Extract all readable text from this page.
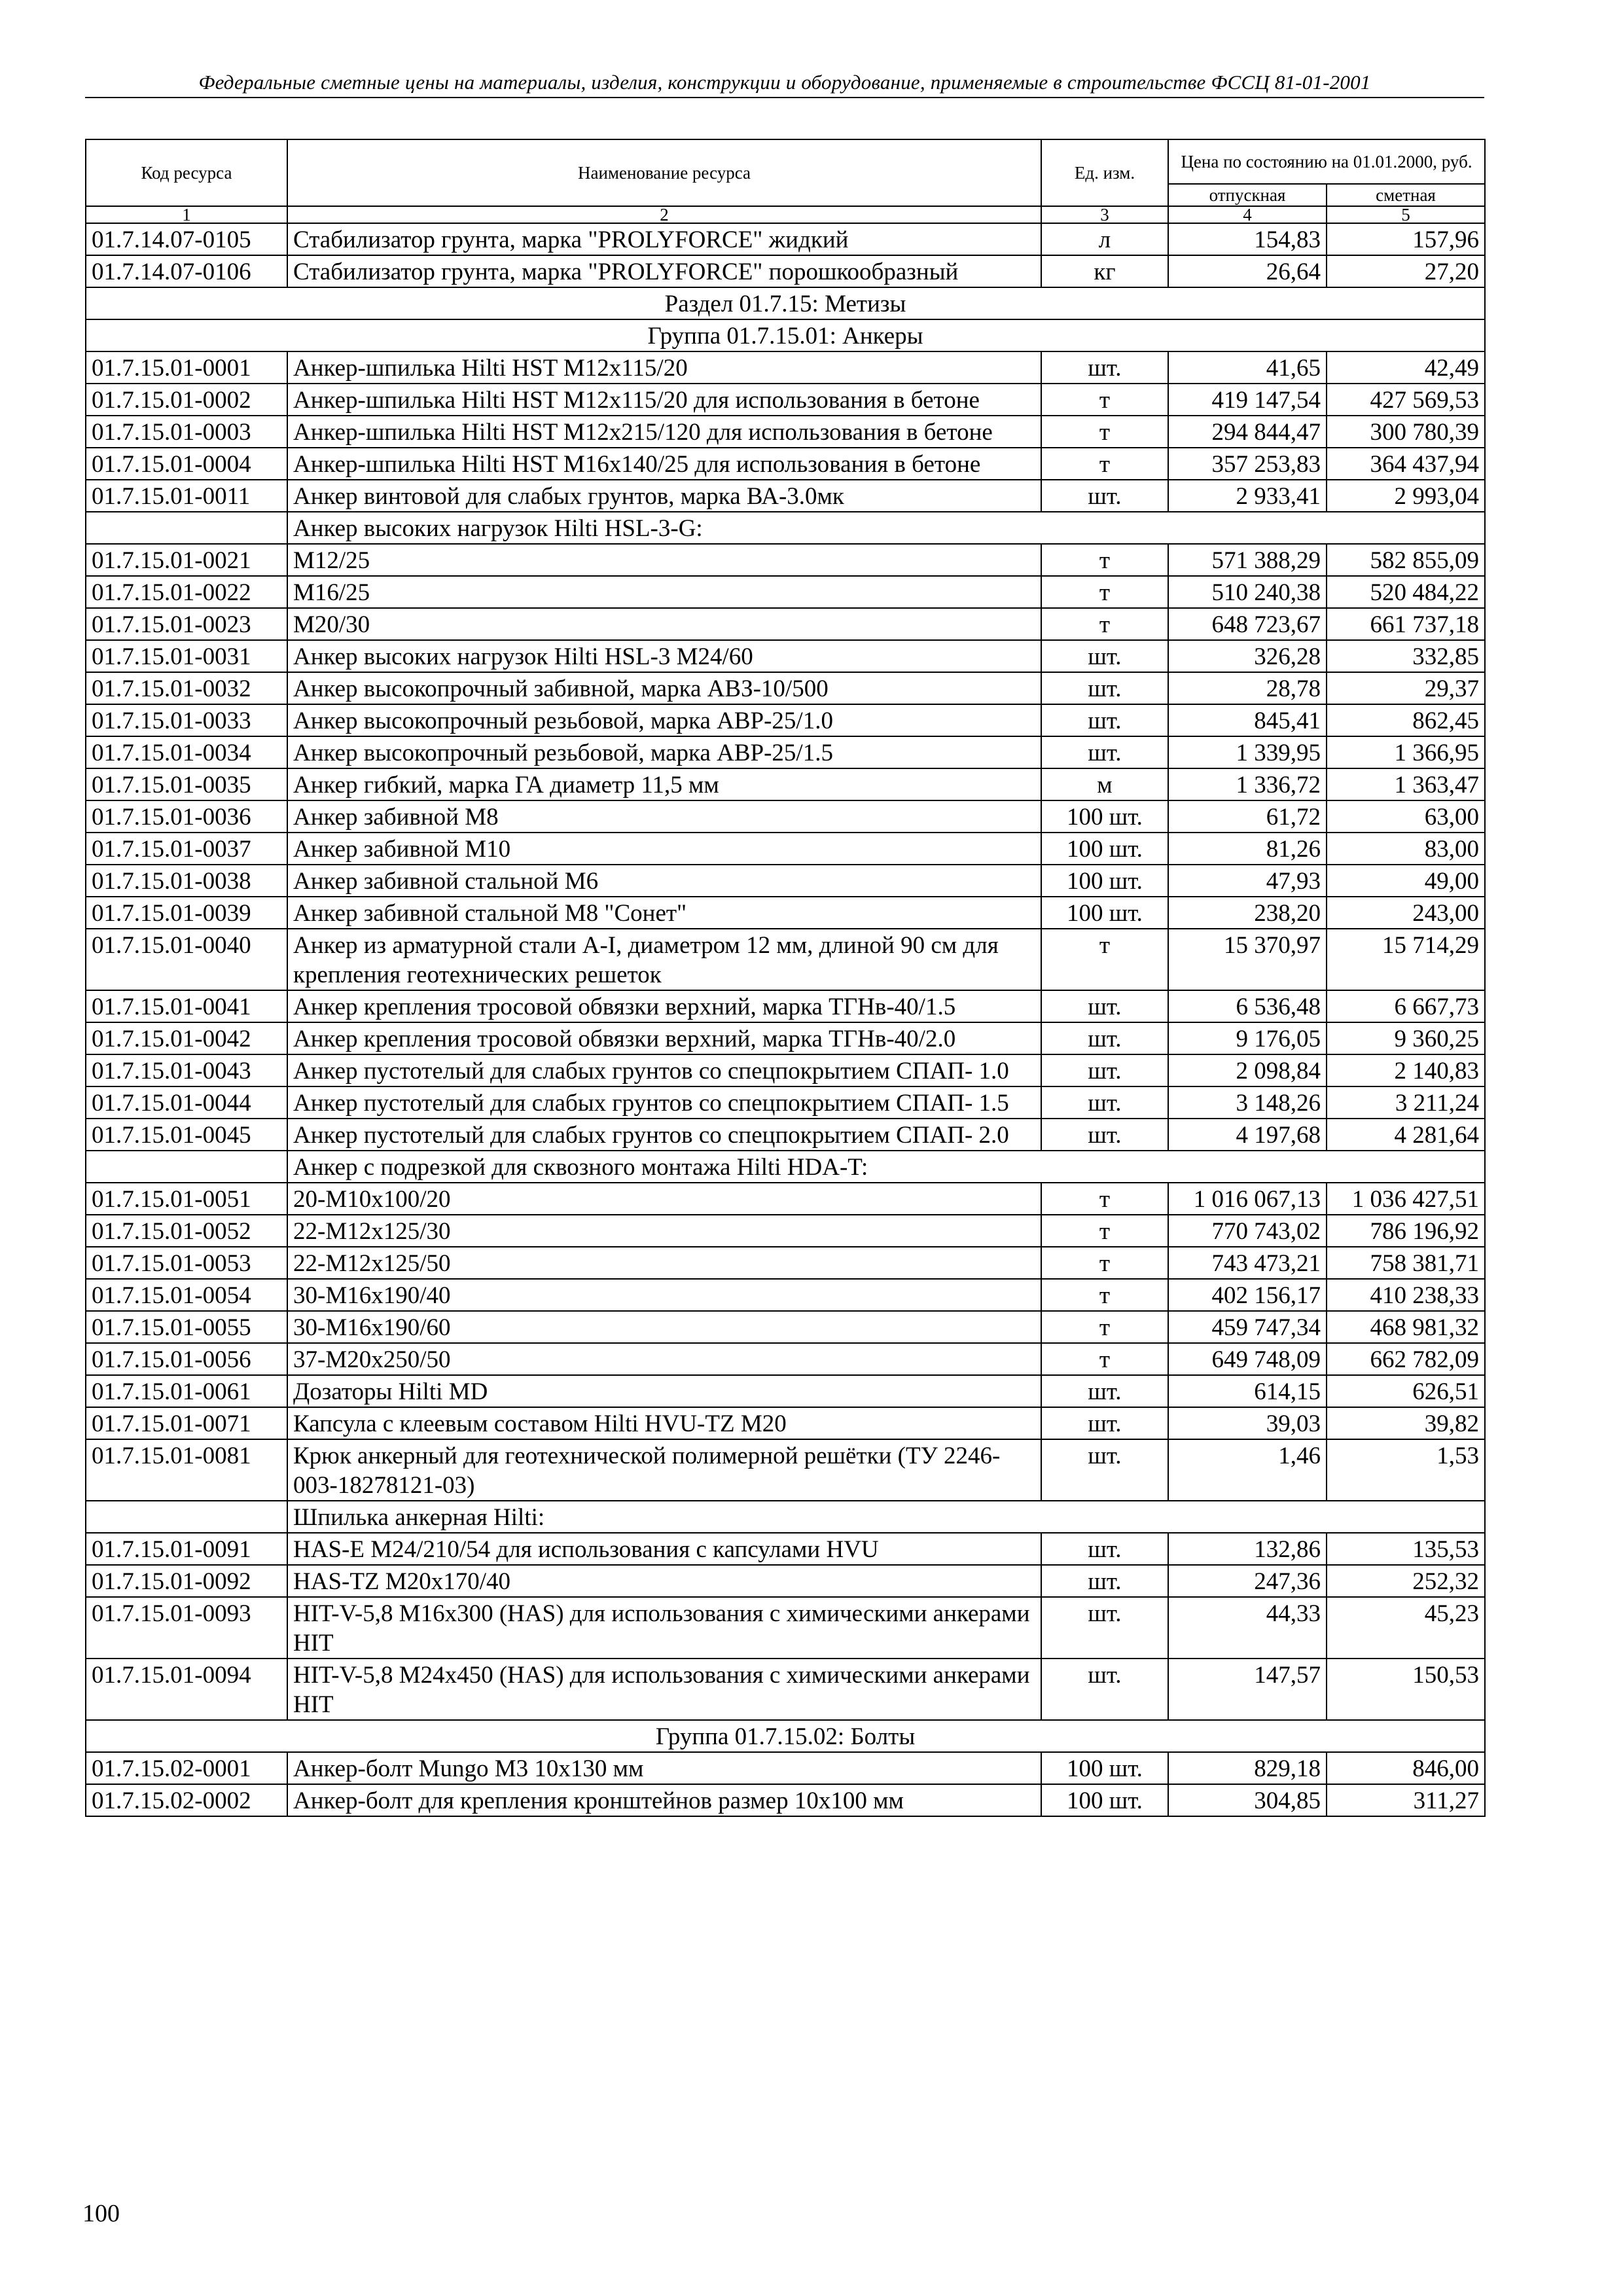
Федеральные сметные цены на материалы, изделия, конструкции и оборудование, применяемые в строительстве ФССЦ 81-01-2001
Код ресурса	Наименование ресурса	Ед. изм.	Цена по состоянию на 01.01.2000, руб.	
			отпускная	сметная
1	2	3	4	5
01.7.14.07-0105	Стабилизатор грунта, марка "PROLYFORCE" жидкий	л	154,83	157,96
01.7.14.07-0106	Стабилизатор грунта, марка "PROLYFORCE" порошкообразный	кг	26,64	27,20
Раздел 01.7.15: Метизы				
Группа 01.7.15.01: Анкеры				
01.7.15.01-0001	Анкер-шпилька Hilti HST M12x115/20	шт.	41,65	42,49
01.7.15.01-0002	Анкер-шпилька Hilti HST M12x115/20 для использования в бетоне	т	419 147,54	427 569,53
01.7.15.01-0003	Анкер-шпилька Hilti HST M12x215/120 для использования в бетоне	т	294 844,47	300 780,39
01.7.15.01-0004	Анкер-шпилька Hilti HST M16x140/25 для использования в бетоне	т	357 253,83	364 437,94
01.7.15.01-0011	Анкер винтовой для слабых грунтов, марка ВА-3.0мк	шт.	2 933,41	2 993,04
	Анкер высоких нагрузок Hilti HSL-3-G:			
01.7.15.01-0021	M12/25	т	571 388,29	582 855,09
01.7.15.01-0022	M16/25	т	510 240,38	520 484,22
01.7.15.01-0023	M20/30	т	648 723,67	661 737,18
01.7.15.01-0031	Анкер высоких нагрузок Hilti HSL-3 M24/60	шт.	326,28	332,85
01.7.15.01-0032	Анкер высокопрочный забивной, марка АВЗ-10/500	шт.	28,78	29,37
01.7.15.01-0033	Анкер высокопрочный резьбовой, марка АВР-25/1.0	шт.	845,41	862,45
01.7.15.01-0034	Анкер высокопрочный резьбовой, марка АВР-25/1.5	шт.	1 339,95	1 366,95
01.7.15.01-0035	Анкер гибкий, марка ГА диаметр 11,5 мм	м	1 336,72	1 363,47
01.7.15.01-0036	Анкер забивной M8	100 шт.	61,72	63,00
01.7.15.01-0037	Анкер забивной M10	100 шт.	81,26	83,00
01.7.15.01-0038	Анкер забивной стальной M6	100 шт.	47,93	49,00
01.7.15.01-0039	Анкер забивной стальной M8 "Сонет"	100 шт.	238,20	243,00
01.7.15.01-0040	Анкер из арматурной стали A-I, диаметром 12 мм, длиной 90 см для крепления геотехнических решеток	т	15 370,97	15 714,29
01.7.15.01-0041	Анкер крепления тросовой обвязки верхний, марка ТГНв-40/1.5	шт.	6 536,48	6 667,73
01.7.15.01-0042	Анкер крепления тросовой обвязки верхний, марка ТГНв-40/2.0	шт.	9 176,05	9 360,25
01.7.15.01-0043	Анкер пустотелый для слабых грунтов со спецпокрытием СПАП- 1.0	шт.	2 098,84	2 140,83
01.7.15.01-0044	Анкер пустотелый для слабых грунтов со спецпокрытием СПАП- 1.5	шт.	3 148,26	3 211,24
01.7.15.01-0045	Анкер пустотелый для слабых грунтов со спецпокрытием СПАП- 2.0	шт.	4 197,68	4 281,64
	Анкер с подрезкой для сквозного монтажа Hilti HDA-T:			
01.7.15.01-0051	20-M10x100/20	т	1 016 067,13	1 036 427,51
01.7.15.01-0052	22-M12x125/30	т	770 743,02	786 196,92
01.7.15.01-0053	22-M12x125/50	т	743 473,21	758 381,71
01.7.15.01-0054	30-M16x190/40	т	402 156,17	410 238,33
01.7.15.01-0055	30-M16x190/60	т	459 747,34	468 981,32
01.7.15.01-0056	37-M20x250/50	т	649 748,09	662 782,09
01.7.15.01-0061	Дозаторы Hilti MD	шт.	614,15	626,51
01.7.15.01-0071	Капсула с клеевым составом Hilti HVU-TZ M20	шт.	39,03	39,82
01.7.15.01-0081	Крюк анкерный для геотехнической полимерной решётки (ТУ 2246-003-18278121-03)	шт.	1,46	1,53
	Шпилька анкерная Hilti:			
01.7.15.01-0091	HAS-E M24/210/54 для использования с капсулами HVU	шт.	132,86	135,53
01.7.15.01-0092	HAS-TZ M20x170/40	шт.	247,36	252,32
01.7.15.01-0093	HIT-V-5,8 M16x300 (HAS) для использования с химическими анкерами HIT	шт.	44,33	45,23
01.7.15.01-0094	HIT-V-5,8 M24x450 (HAS) для использования с химическими анкерами HIT	шт.	147,57	150,53
Группа 01.7.15.02: Болты				
01.7.15.02-0001	Анкер-болт Mungo M3 10x130 мм	100 шт.	829,18	846,00
01.7.15.02-0002	Анкер-болт для крепления кронштейнов размер 10x100 мм	100 шт.	304,85	311,27
100
